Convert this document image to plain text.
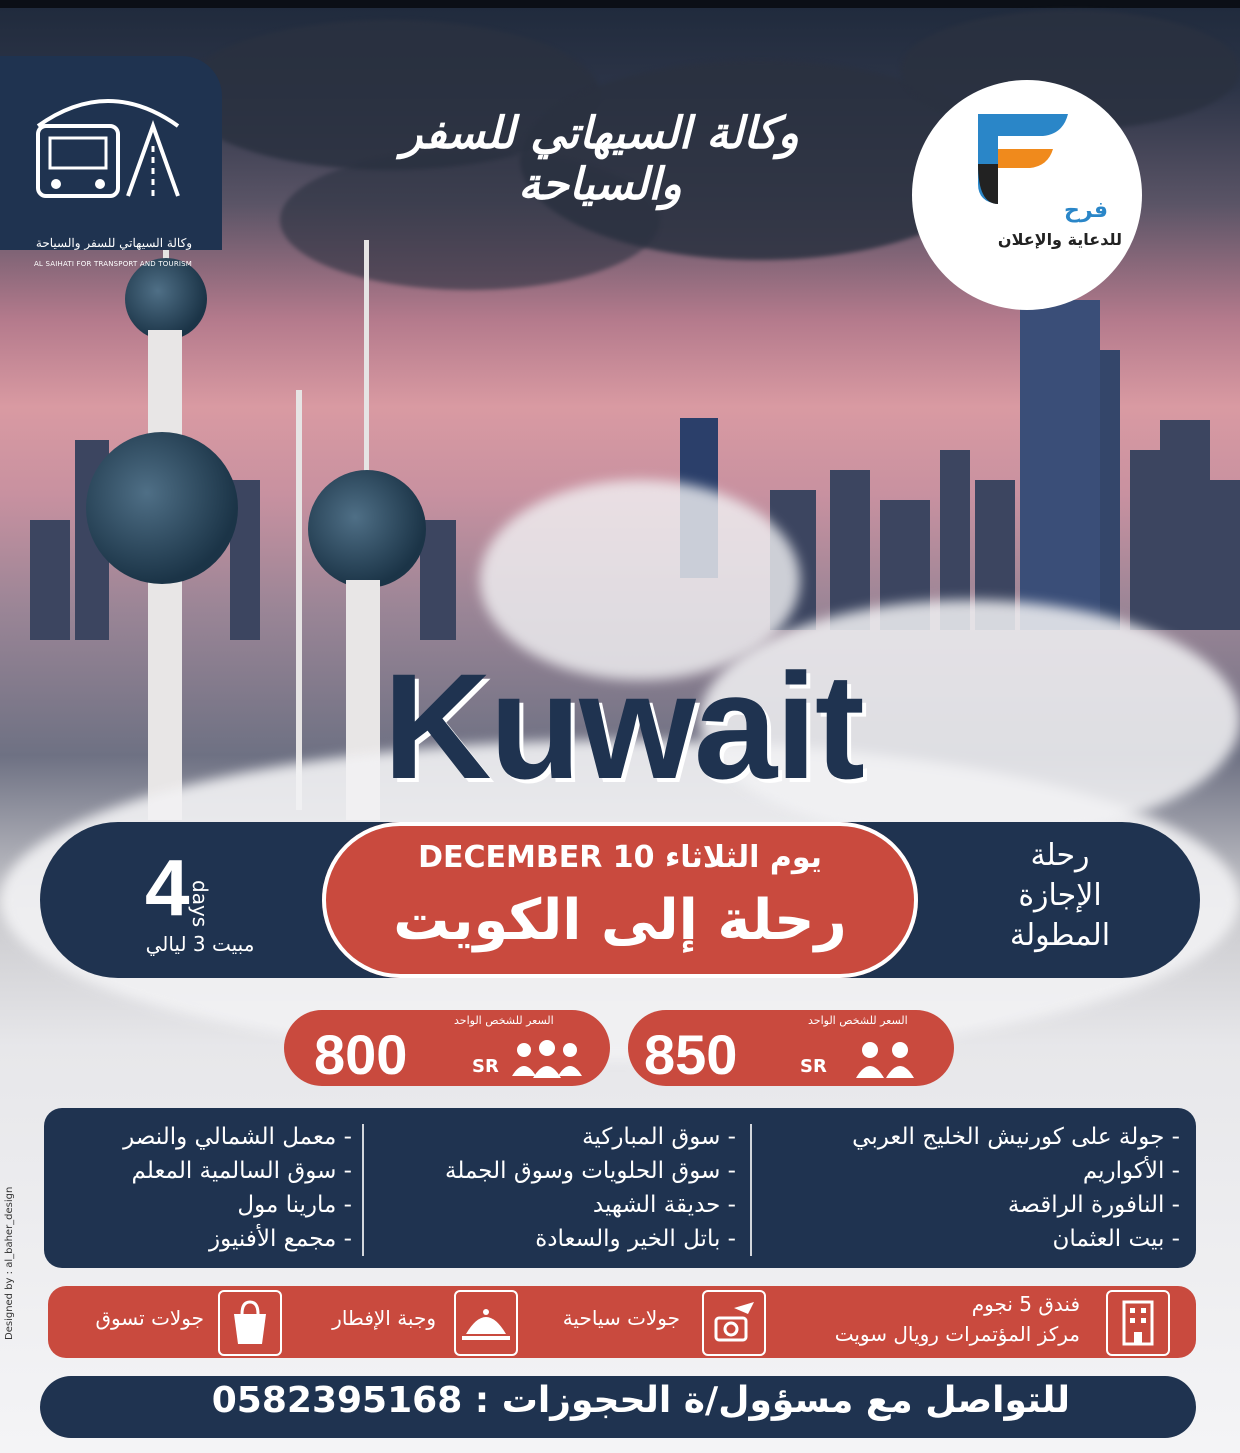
وكالة السيهاتي للسفر والسياحة
AL SAIHATI FOR TRANSPORT AND TOURISM
وكالة السيهاتي للسفر والسياحة
فرح
للدعاية والإعلان
Kuwait
4
days
مبيت 3 ليالي
يوم الثلاثاء 10 DECEMBER
رحلة إلى الكويت
رحلة
الإجازة
المطولة
السعر للشخص الواحد
800	SR
السعر للشخص الواحد
850	SR
- جولة على كورنيش الخليج العربي
- الأكواريم
- النافورة الراقصة
- بيت العثمان
- سوق المباركية
- سوق الحلويات وسوق الجملة
- حديقة الشهيد
- باتل الخير والسعادة
- معمل الشمالي والنصر
- سوق السالمية المعلم
- مارينا مول
- مجمع الأفنيوز
فندق 5 نجوم
مركز المؤتمرات رويال سويت
جولات سياحية
وجبة الإفطار
جولات تسوق
للتواصل مع مسؤول/ة الحجوزات : 0582395168
Designed by : al_baher_design
